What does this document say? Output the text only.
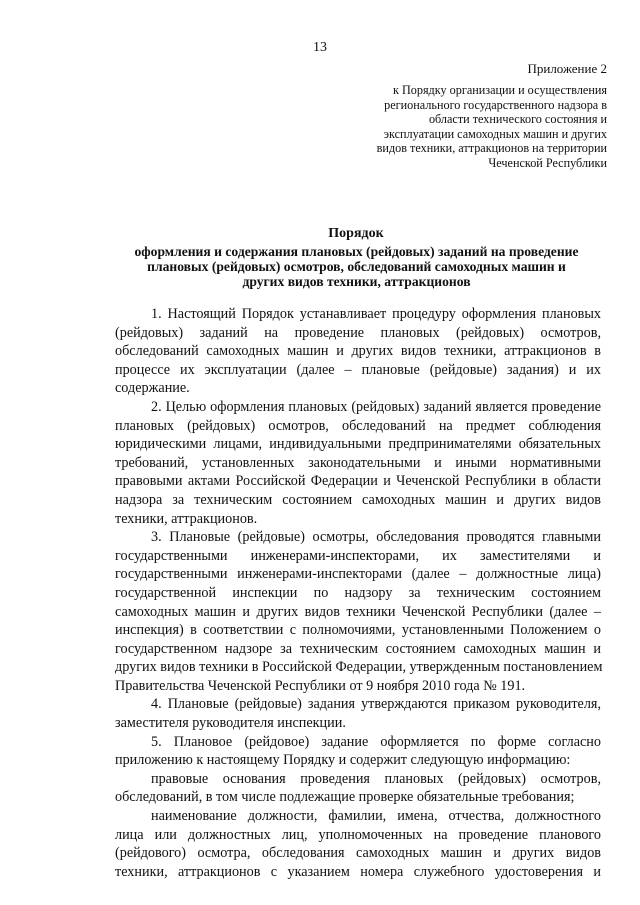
13
Приложение 2
к Порядку организации и осуществления
регионального государственного надзора в
области технического состояния и
эксплуатации самоходных машин и других
видов техники, аттракционов на территории
Чеченской Республики
Порядок
оформления и содержания плановых (рейдовых) заданий на проведение
плановых (рейдовых) осмотров, обследований самоходных машин и
других видов техники, аттракционов
1. Настоящий Порядок устанавливает процедуру оформления плановых
(рейдовых) заданий на проведение плановых (рейдовых) осмотров,
обследований самоходных машин и других видов техники, аттракционов в
процессе их эксплуатации (далее – плановые (рейдовые) задания) и их
содержание.
2. Целью оформления плановых (рейдовых) заданий является проведение
плановых (рейдовых) осмотров, обследований на предмет соблюдения
юридическими лицами, индивидуальными предпринимателями обязательных
требований, установленных законодательными и иными нормативными
правовыми актами Российской Федерации и Чеченской Республики в области
надзора за техническим состоянием самоходных машин и других видов
техники, аттракционов.
3. Плановые (рейдовые) осмотры, обследования проводятся главными
государственными инженерами-инспекторами, их заместителями и
государственными инженерами-инспекторами (далее – должностные лица)
государственной инспекции по надзору за техническим состоянием
самоходных машин и других видов техники Чеченской Республики (далее –
инспекция) в соответствии с полномочиями, установленными Положением о
государственном надзоре за техническим состоянием самоходных машин и
других видов техники в Российской Федерации, утвержденным постановлением
Правительства Чеченской Республики от 9 ноября 2010 года № 191.
4. Плановые (рейдовые) задания утверждаются приказом руководителя,
заместителя руководителя инспекции.
5. Плановое (рейдовое) задание оформляется по форме согласно
приложению к настоящему Порядку и содержит следующую информацию:
правовые основания проведения плановых (рейдовых) осмотров,
обследований, в том числе подлежащие проверке обязательные требования;
наименование должности, фамилии, имена, отчества, должностного
лица или должностных лиц, уполномоченных на проведение планового
(рейдового) осмотра, обследования самоходных машин и других видов
техники, аттракционов с указанием номера служебного удостоверения и
